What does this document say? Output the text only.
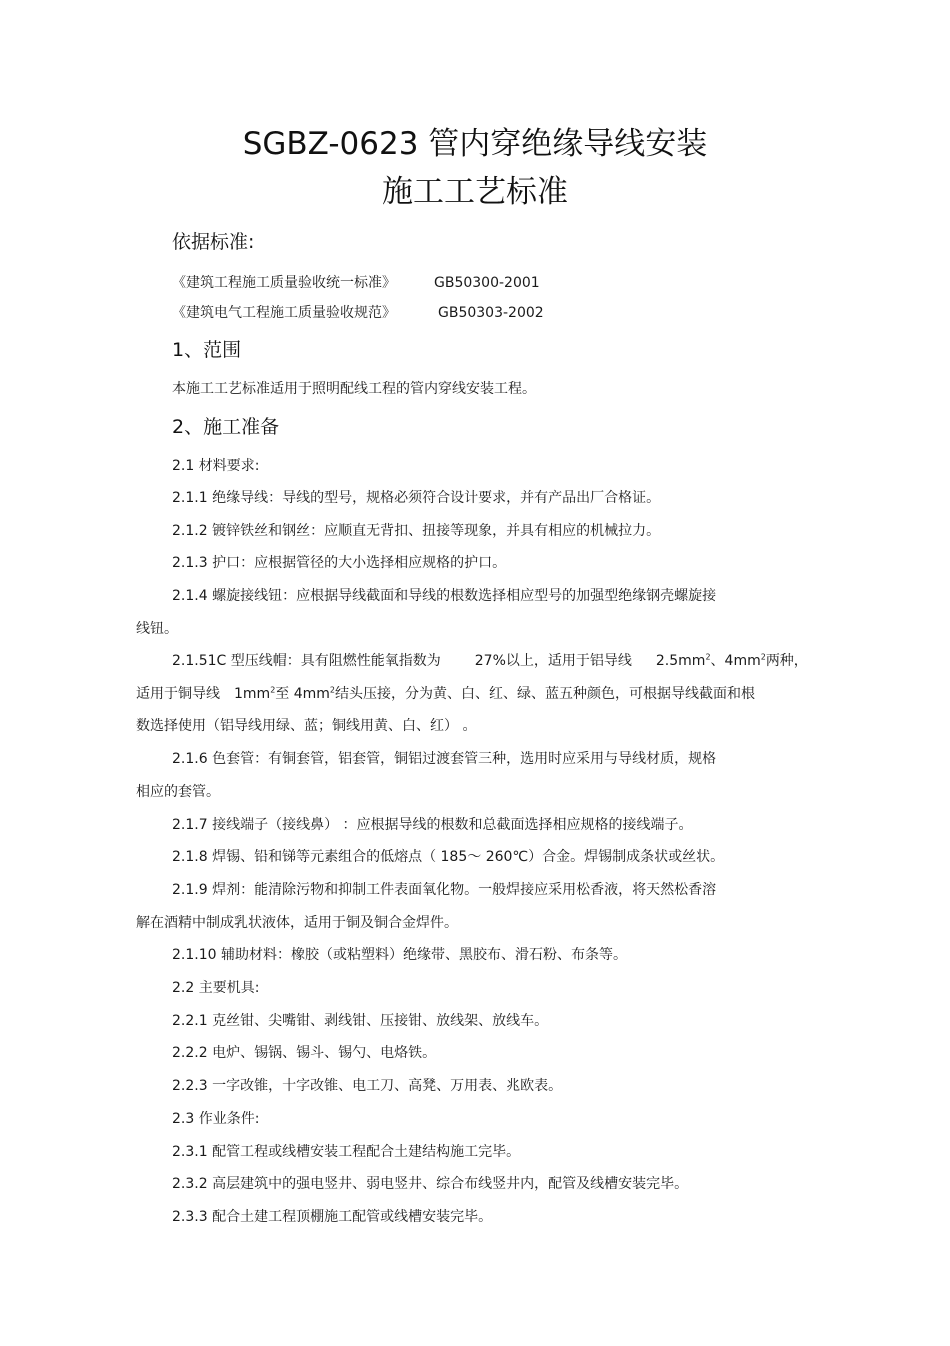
SGBZ-0623 管内穿绝缘导线安装
施工工艺标准
依据标准:

《建筑工程施工质量验收统一标准》	GB50300-2001

《建筑电气工程施工质量验收规范》	GB50303-2002

1、范围

本施工工艺标准适用于照明配线工程的管内穿线安装工程。

2、施工准备

2.1 材料要求:

2.1.1 绝缘导线：导线的型号，规格必须符合设计要求，并有产品出厂合格证。

2.1.2 镀锌铁丝和钢丝：应顺直无背扣、扭接等现象，并具有相应的机械拉力。

2.1.3 护口：应根据管径的大小选择相应规格的护口。

2.1.4 螺旋接线钮：应根据导线截面和导线的根数选择相应型号的加强型绝缘钢壳螺旋接

线钮。

2.1.51C 型压线帽：具有阻燃性能氧指数为 27%以上，适用于铝导线 $2.5mm^2$、$4mm^2$两种，

适用于铜导线 $1mm^2$至 $4mm^2$结头压接，分为黄、白、红、绿、蓝五种颜色，可根据导线截面和根

数选择使用（铝导线用绿、蓝；铜线用黄、白、红） 。

2.1.6 色套管：有铜套管，铝套管，铜铝过渡套管三种，选用时应采用与导线材质，规格

相应的套管。

2.1.7 接线端子（接线鼻） ：应根据导线的根数和总截面选择相应规格的接线端子。

2.1.8 焊锡、铅和锑等元素组合的低熔点（ 185～ 260℃）合金。焊锡制成条状或丝状。

2.1.9 焊剂：能清除污物和抑制工件表面氧化物。一般焊接应采用松香液，将天然松香溶

解在酒精中制成乳状液体，适用于铜及铜合金焊件。

2.1.10 辅助材料：橡胶（或粘塑料）绝缘带、黑胶布、滑石粉、布条等。

2.2 主要机具:

2.2.1 克丝钳、尖嘴钳、剥线钳、压接钳、放线架、放线车。

2.2.2 电炉、锡锅、锡斗、锡勺、电烙铁。

2.2.3 一字改锥，十字改锥、电工刀、高凳、万用表、兆欧表。

2.3 作业条件:

2.3.1 配管工程或线槽安装工程配合土建结构施工完毕。

2.3.2 高层建筑中的强电竖井、弱电竖井、综合布线竖井内，配管及线槽安装完毕。

2.3.3 配合土建工程顶棚施工配管或线槽安装完毕。
